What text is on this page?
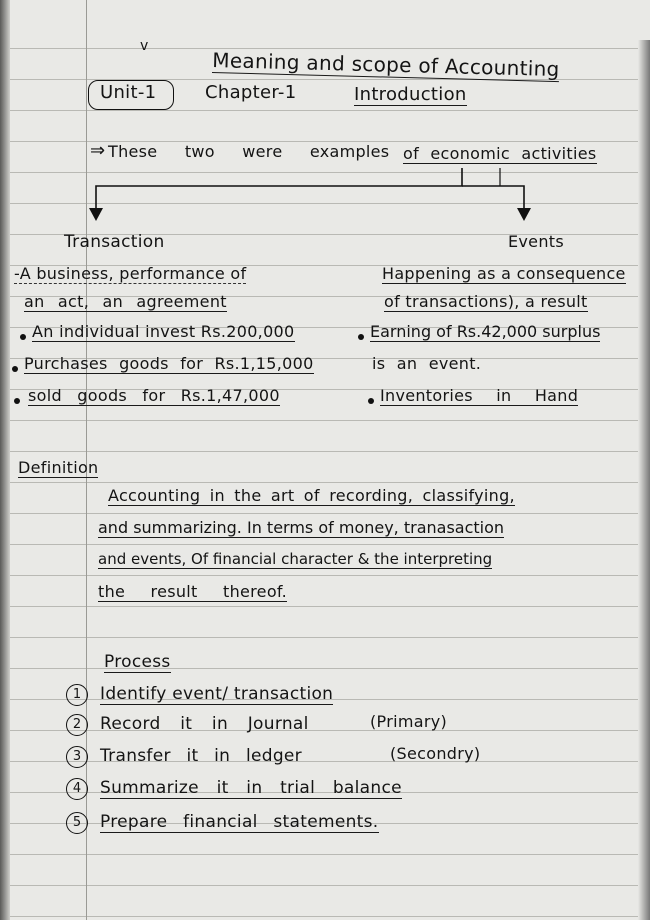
v
Meaning and scope of Accounting
Unit-1	Chapter-1	Introduction
⇒ These two were examples of economic activities
Transaction	Events
-A business, performance of	Happening as a consequence
an act, an agreement	of transactions), a result
An individual invest Rs.200,000	Earning of Rs.42,000 surplus
Purchases goods for Rs.1,15,000	is an event.
sold goods for Rs.1,47,000	Inventories in Hand
Definition
Accounting in the art of recording, classifying,
and summarizing. In terms of money, tranasaction
and events, Of financial character & the interpreting
the result thereof.
Process
1	Identify event/ transaction
2	Record it in Journal	(Primary)
3	Transfer it in ledger	(Secondry)
4	Summarize it in trial balance
5	Prepare financial statements.
